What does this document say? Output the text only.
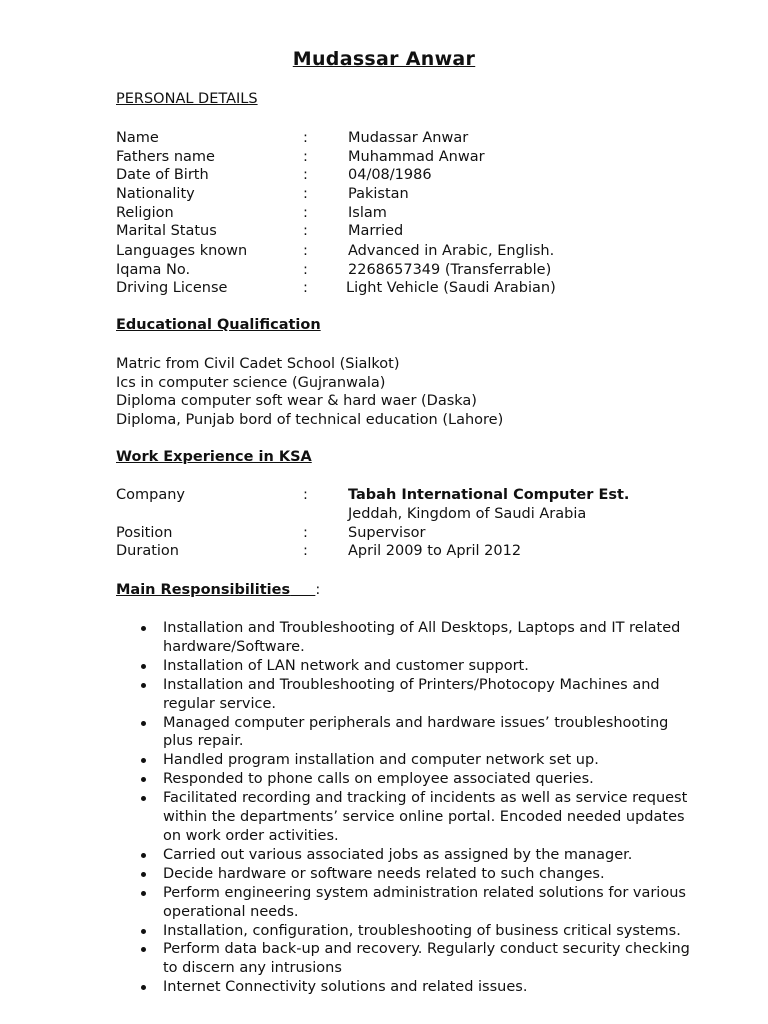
Mudassar Anwar
PERSONAL DETAILS
Name	:	Mudassar Anwar
Fathers name	:	Muhammad Anwar
Date of Birth	:	04/08/1986
Nationality	:	Pakistan
Religion	:	Islam
Marital Status	:	Married
Languages known	:	Advanced in Arabic, English.
Iqama No.	:	2268657349 (Transferrable)
Driving License	:	Light Vehicle (Saudi Arabian)
Educational Qualification
Matric from Civil Cadet School (Sialkot)
Ics in computer science (Gujranwala)
Diploma computer soft wear & hard waer (Daska)
Diploma, Punjab bord of technical education (Lahore)
Work Experience in KSA
Company	:	Tabah International Computer Est.
Jeddah, Kingdom of Saudi Arabia
Position	:	Supervisor
Duration	:	April 2009 to April 2012
Main Responsibilities :
Installation and Troubleshooting of All Desktops, Laptops and IT related hardware/Software.
Installation of LAN network and customer support.
Installation and Troubleshooting of Printers/Photocopy Machines and regular service.
Managed computer peripherals and hardware issues’ troubleshooting plus repair.
Handled program installation and computer network set up.
Responded to phone calls on employee associated queries.
Facilitated recording and tracking of incidents as well as service request within the departments’ service online portal. Encoded needed updates on work order activities.
Carried out various associated jobs as assigned by the manager.
Decide hardware or software needs related to such changes.
Perform engineering system administration related solutions for various operational needs.
Installation, configuration, troubleshooting of business critical systems.
Perform data back-up and recovery. Regularly conduct security checking to discern any intrusions
Internet Connectivity solutions and related issues.
